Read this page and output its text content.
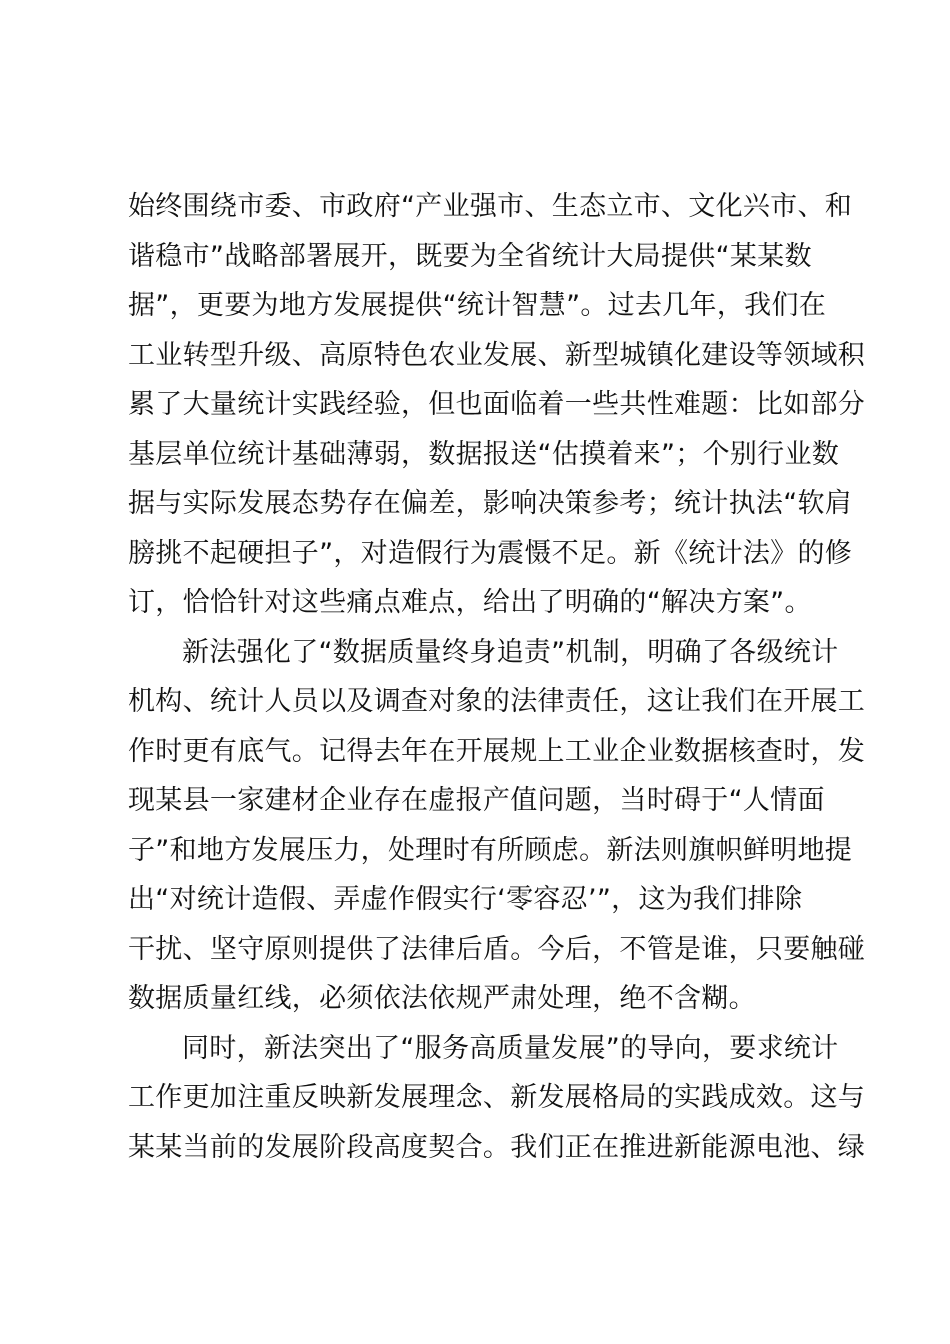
始终围绕市委、市政府“产业强市、生态立市、文化兴市、和
谐稳市”战略部署展开，既要为全省统计大局提供“某某数
据”，更要为地方发展提供“统计智慧”。过去几年，我们在
工业转型升级、高原特色农业发展、新型城镇化建设等领域积
累了大量统计实践经验，但也面临着一些共性难题：比如部分
基层单位统计基础薄弱，数据报送“估摸着来”；个别行业数
据与实际发展态势存在偏差，影响决策参考；统计执法“软肩
膀挑不起硬担子”，对造假行为震慑不足。新《统计法》的修
订，恰恰针对这些痛点难点，给出了明确的“解决方案”。
新法强化了“数据质量终身追责”机制，明确了各级统计
机构、统计人员以及调查对象的法律责任，这让我们在开展工
作时更有底气。记得去年在开展规上工业企业数据核查时，发
现某县一家建材企业存在虚报产值问题，当时碍于“人情面
子”和地方发展压力，处理时有所顾虑。新法则旗帜鲜明地提
出“对统计造假、弄虚作假实行‘零容忍’”，这为我们排除
干扰、坚守原则提供了法律后盾。今后，不管是谁，只要触碰
数据质量红线，必须依法依规严肃处理，绝不含糊。
同时，新法突出了“服务高质量发展”的导向，要求统计
工作更加注重反映新发展理念、新发展格局的实践成效。这与
某某当前的发展阶段高度契合。我们正在推进新能源电池、绿
